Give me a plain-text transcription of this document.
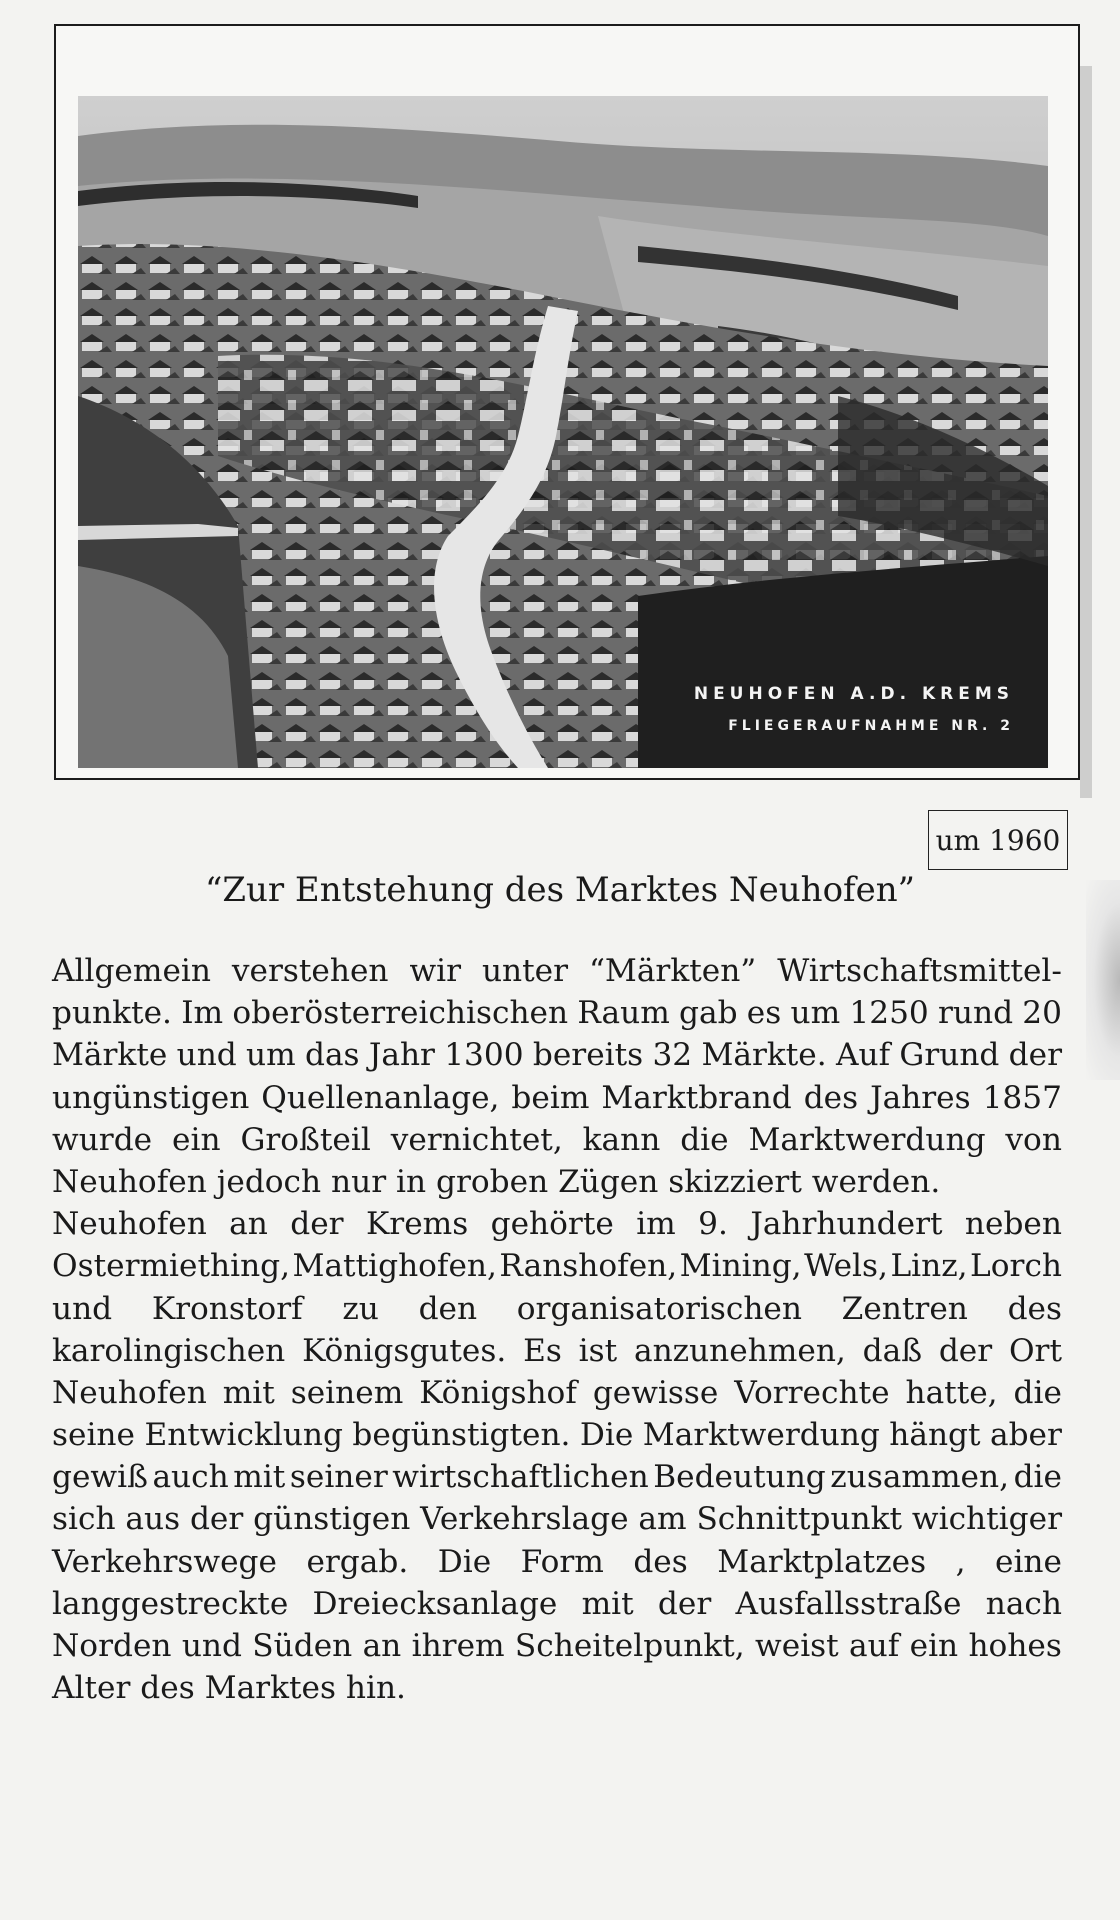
NEUHOFEN A.D. KREMS
FLIEGERAUFNAHME NR. 2
um 1960
“Zur Entstehung des Marktes Neuhofen”
Allgemein verstehen wir unter “Märkten” Wirtschaftsmittel-
punkte. Im oberösterreichischen Raum gab es um 1250 rund 20
Märkte und um das Jahr 1300 bereits 32 Märkte. Auf Grund der
ungünstigen Quellenanlage, beim Marktbrand des Jahres 1857
wurde ein Großteil vernichtet, kann die Marktwerdung von
Neuhofen jedoch nur in groben Zügen skizziert werden.
Neuhofen an der Krems gehörte im 9. Jahrhundert neben
Ostermiething, Mattighofen, Ranshofen, Mining, Wels, Linz, Lorch
und Kronstorf zu den organisatorischen Zentren des
karolingischen Königsgutes. Es ist anzunehmen, daß der Ort
Neuhofen mit seinem Königshof gewisse Vorrechte hatte, die
seine Entwicklung begünstigten. Die Marktwerdung hängt aber
gewiß auch mit seiner wirtschaftlichen Bedeutung zusammen, die
sich aus der günstigen Verkehrslage am Schnittpunkt wichtiger
Verkehrswege ergab. Die Form des Marktplatzes , eine
langgestreckte Dreiecksanlage mit der Ausfallsstraße nach
Norden und Süden an ihrem Scheitelpunkt, weist auf ein hohes
Alter des Marktes hin.
